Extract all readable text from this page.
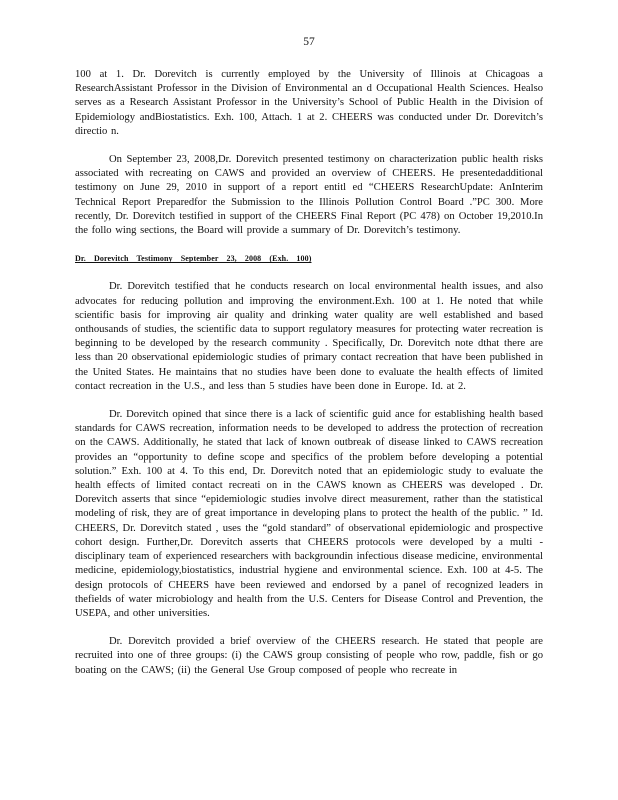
57

100 at 1. Dr. Dorevitch is currently employed by the University of Illinois at Chicagoas a ResearchAssistant Professor in the Division of Environmental an d Occupational Health Sciences. Healso serves as a Research Assistant Professor in the University’s School of Public Health in the Division of Epidemiology andBiostatistics. Exh. 100, Attach. 1 at 2. CHEERS was conducted under Dr. Dorevitch’s directio n.

On September 23, 2008,Dr. Dorevitch presented testimony on characterization public health risks associated with recreating on CAWS and provided an overview of CHEERS. He presentedadditional testimony on June 29, 2010 in support of a report entitl ed “CHEERS ResearchUpdate: AnInterim Technical Report Preparedfor the Submission to the Illinois Pollution Control Board .”PC 300. More recently, Dr. Dorevitch testified in support of the CHEERS Final Report (PC 478) on October 19,2010.In the follo wing sections, the Board will provide a summary of Dr. Dorevitch’s testimony.

Dr. Dorevitch Testimony September 23, 2008 (Exh. 100)

Dr. Dorevitch testified that he conducts research on local environmental health issues, and also advocates for reducing pollution and improving the environment.Exh. 100 at 1. He noted that while scientific basis for improving air quality and drinking water quality are well established and based onthousands of studies, the scientific data to support regulatory measures for protecting water recreation is beginning to be developed by the research community . Specifically, Dr. Dorevitch note dthat there are less than 20 observational epidemiologic studies of primary contact recreation that have been published in the United States. He maintains that no studies have been done to evaluate the health effects of limited contact recreation in the U.S., and less than 5 studies have been done in Europe. Id. at 2.

Dr. Dorevitch opined that since there is a lack of scientific guid ance for establishing health based standards for CAWS recreation, information needs to be developed to address the protection of recreation on the CAWS. Additionally, he stated that lack of known outbreak of disease linked to CAWS recreation provides an “opportunity to define scope and specifics of the problem before developing a potential solution.” Exh. 100 at 4. To this end, Dr. Dorevitch noted that an epidemiologic study to evaluate the health effects of limited contact recreati on in the CAWS known as CHEERS was developed . Dr. Dorevitch asserts that since “epidemiologic studies involve direct measurement, rather than the statistical modeling of risk, they are of great importance in developing plans to protect the health of the public. ” Id. CHEERS, Dr. Dorevitch stated , uses the “gold standard” of observational epidemiologic and prospective cohort design. Further,Dr. Dorevitch asserts that CHEERS protocols were developed by a multi - disciplinary team of experienced researchers with backgroundin infectious disease medicine, environmental medicine, epidemiology,biostatistics, industrial hygiene and environmental science. Exh. 100 at 4-5. The design protocols of CHEERS have been reviewed and endorsed by a panel of recognized leaders in thefields of water microbiology and health from the U.S. Centers for Disease Control and Prevention, the USEPA, and other universities.

Dr. Dorevitch provided a brief overview of the CHEERS research. He stated that people are recruited into one of three groups: (i) the CAWS group consisting of people who row, paddle, fish or go boating on the CAWS; (ii) the General Use Group composed of people who recreate in
